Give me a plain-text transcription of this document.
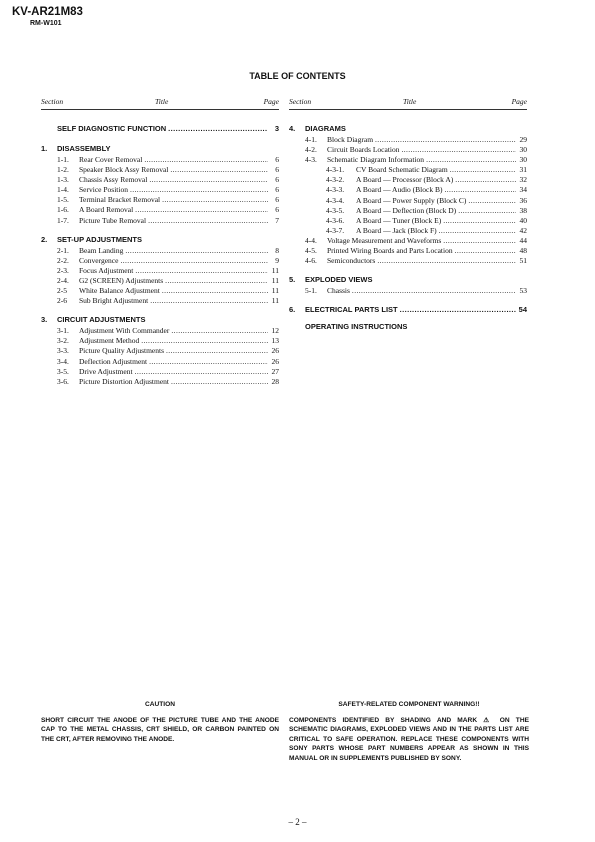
KV-AR21M83
RM-W101
TABLE OF CONTENTS
Section	Title	Page
SELF DIAGNOSTIC FUNCTION .....	3
1.	DISASSEMBLY
1-1.	Rear Cover Removal .....	6
1-2.	Speaker Block Assy Removal .....	6
1-3.	Chassis Assy Removal .....	6
1-4.	Service Position .....	6
1-5.	Terminal Bracket Removal .....	6
1-6.	A Board Removal .....	6
1-7.	Picture Tube Removal .....	7
2.	SET-UP ADJUSTMENTS
2-1.	Beam Landing .....	8
2-2.	Convergence .....	9
2-3.	Focus Adjustment .....	11
2-4.	G2 (SCREEN) Adjustments .....	11
2-5	White Balance Adjustment .....	11
2-6	Sub Bright Adjustment .....	11
3.	CIRCUIT ADJUSTMENTS
3-1.	Adjustment With Commander .....	12
3-2.	Adjustment Method .....	13
3-3.	Picture Quality Adjustments .....	26
3-4.	Deflection Adjustment .....	26
3-5.	Drive Adjustment .....	27
3-6.	Picture Distortion Adjustment .....	28
Section	Title	Page
4.	DIAGRAMS
4-1.	Block Diagram .....	29
4-2.	Circuit Boards Location .....	30
4-3.	Schematic Diagram Information .....	30
4-3-1.	CV Board Schematic Diagram .....	31
4-3-2.	A Board — Processor (Block A) .....	32
4-3-3.	A Board — Audio (Block B) .....	34
4-3-4.	A Board — Power Supply (Block C) .....	36
4-3-5.	A Board — Deflection (Block D) .....	38
4-3-6.	A Board — Tuner (Block E) .....	40
4-3-7.	A Board — Jack (Block F) .....	42
4-4.	Voltage Measurement and Waveforms .....	44
4-5.	Printed Wiring Boards and Parts Location .....	48
4-6.	Semiconductors .....	51
5.	EXPLODED VIEWS
5-1.	Chassis .....	53
6.	ELECTRICAL PARTS LIST .....	54
OPERATING INSTRUCTIONS
CAUTION
SHORT CIRCUIT THE ANODE OF THE PICTURE TUBE AND THE ANODE CAP TO THE METAL CHASSIS, CRT SHIELD, OR CARBON PAINTED ON THE CRT, AFTER REMOVING THE ANODE.
SAFETY-RELATED COMPONENT WARNING!!
COMPONENTS IDENTIFIED BY SHADING AND MARK ⚠ ON THE SCHEMATIC DIAGRAMS, EXPLODED VIEWS AND IN THE PARTS LIST ARE CRITICAL TO SAFE OPERATION. REPLACE THESE COMPONENTS WITH SONY PARTS WHOSE PART NUMBERS APPEAR AS SHOWN IN THIS MANUAL OR IN SUPPLEMENTS PUBLISHED BY SONY.
– 2 –
